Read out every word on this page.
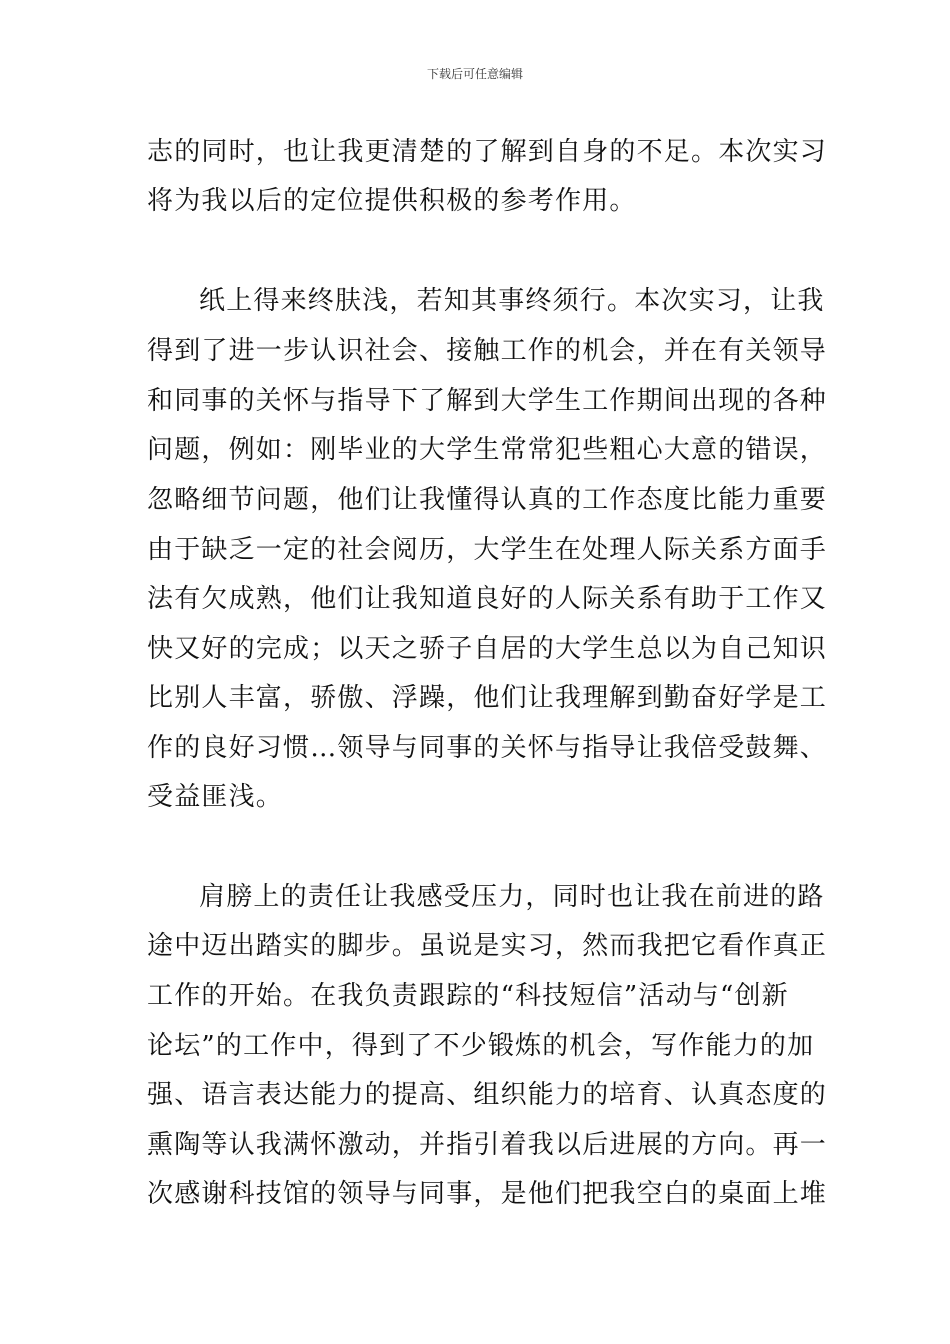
下载后可任意编辑
志的同时，也让我更清楚的了解到自身的不足。本次实习
将为我以后的定位提供积极的参考作用。
纸上得来终肤浅，若知其事终须行。本次实习，让我
得到了进一步认识社会、接触工作的机会，并在有关领导
和同事的关怀与指导下了解到大学生工作期间出现的各种
问题，例如：刚毕业的大学生常常犯些粗心大意的错误，
忽略细节问题，他们让我懂得认真的工作态度比能力重要
由于缺乏一定的社会阅历，大学生在处理人际关系方面手
法有欠成熟，他们让我知道良好的人际关系有助于工作又
快又好的完成；以天之骄子自居的大学生总以为自己知识
比别人丰富，骄傲、浮躁，他们让我理解到勤奋好学是工
作的良好习惯…领导与同事的关怀与指导让我倍受鼓舞、
受益匪浅。
肩膀上的责任让我感受压力，同时也让我在前进的路
途中迈出踏实的脚步。虽说是实习，然而我把它看作真正
工作的开始。在我负责跟踪的“科技短信”活动与“创新
论坛”的工作中，得到了不少锻炼的机会，写作能力的加
强、语言表达能力的提高、组织能力的培育、认真态度的
熏陶等认我满怀激动，并指引着我以后进展的方向。再一
次感谢科技馆的领导与同事，是他们把我空白的桌面上堆
